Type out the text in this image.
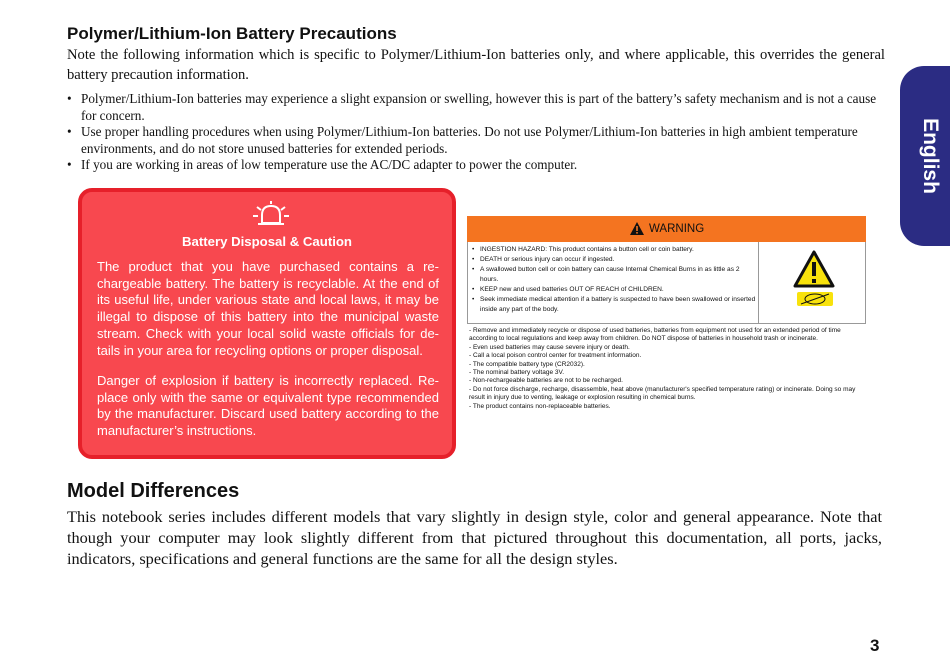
Polymer/Lithium-Ion Battery Precautions
Note the following information which is specific to Polymer/Lithium-Ion batteries only, and where applicable, this overrides the general battery precaution information.
• Polymer/Lithium-Ion batteries may experience a slight expansion or swelling, however this is part of the battery’s safety mechanism and is not a cause for concern.
• Use proper handling procedures when using Polymer/Lithium-Ion batteries. Do not use Polymer/Lithium-Ion batteries in high ambient temperature environments, and do not store unused batteries for extended periods.
• If you are working in areas of low temperature use the AC/DC adapter to power the computer.
Battery Disposal & Caution
The product that you have purchased contains a re-chargeable battery. The battery is recyclable. At the end of its useful life, under various state and local laws, it may be illegal to dispose of this battery into the municipal waste stream. Check with your local solid waste officials for de-tails in your area for recycling options or proper disposal.
Danger of explosion if battery is incorrectly replaced. Re-place only with the same or equivalent type recommended by the manufacturer. Discard used battery according to the manufacturer’s instructions.
WARNING
• INGESTION HAZARD: This product contains a button cell or coin battery.
• DEATH or serious injury can occur if ingested.
• A swallowed button cell or coin battery can cause Internal Chemical Burns in as little as 2 hours.
• KEEP new and used batteries OUT OF REACH of CHILDREN.
• Seek immediate medical attention if a battery is suspected to have been swallowed or inserted inside any part of the body.
- Remove and immediately recycle or dispose of used batteries, batteries from equipment not used for an extended period of time according to local regulations and keep away from children. Do NOT dispose of batteries in household trash or incinerate.
- Even used batteries may cause severe injury or death.
- Call a local poison control center for treatment information.
- The compatible battery type (CR2032).
- The nominal battery voltage 3V.
- Non-rechargeable batteries are not to be recharged.
- Do not force discharge, recharge, disassemble, heat above (manufacturer's specified temperature rating) or incinerate. Doing so may result in injury due to venting, leakage or explosion resulting in chemical burns.
- The product contains non-replaceable batteries.
Model Differences
This notebook series includes different models that vary slightly in design style, color and general appearance. Note that though your computer may look slightly different from that pictured throughout this documentation, all ports, jacks, indicators, specifications and general functions are the same for all the design styles.
English
3
